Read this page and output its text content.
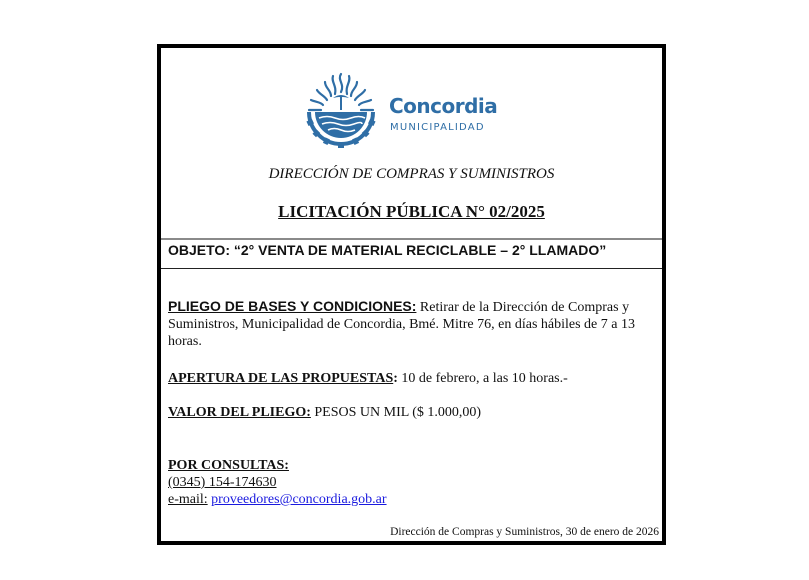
Concordia
MUNICIPALIDAD
DIRECCIÓN DE COMPRAS Y SUMINISTROS
LICITACIÓN PÚBLICA N° 02/2025
OBJETO: “2° VENTA DE MATERIAL RECICLABLE – 2° LLAMADO”
PLIEGO DE BASES Y CONDICIONES: Retirar de la Dirección de Compras y Suministros, Municipalidad de Concordia, Bmé. Mitre 76, en días hábiles de 7 a 13 horas.
APERTURA DE LAS PROPUESTAS: 10 de febrero, a las 10 horas.-
VALOR DEL PLIEGO: PESOS UN MIL ($ 1.000,00)
POR CONSULTAS:
(0345) 154-174630
e-mail: proveedores@concordia.gob.ar
Dirección de Compras y Suministros, 30 de enero de 2026
